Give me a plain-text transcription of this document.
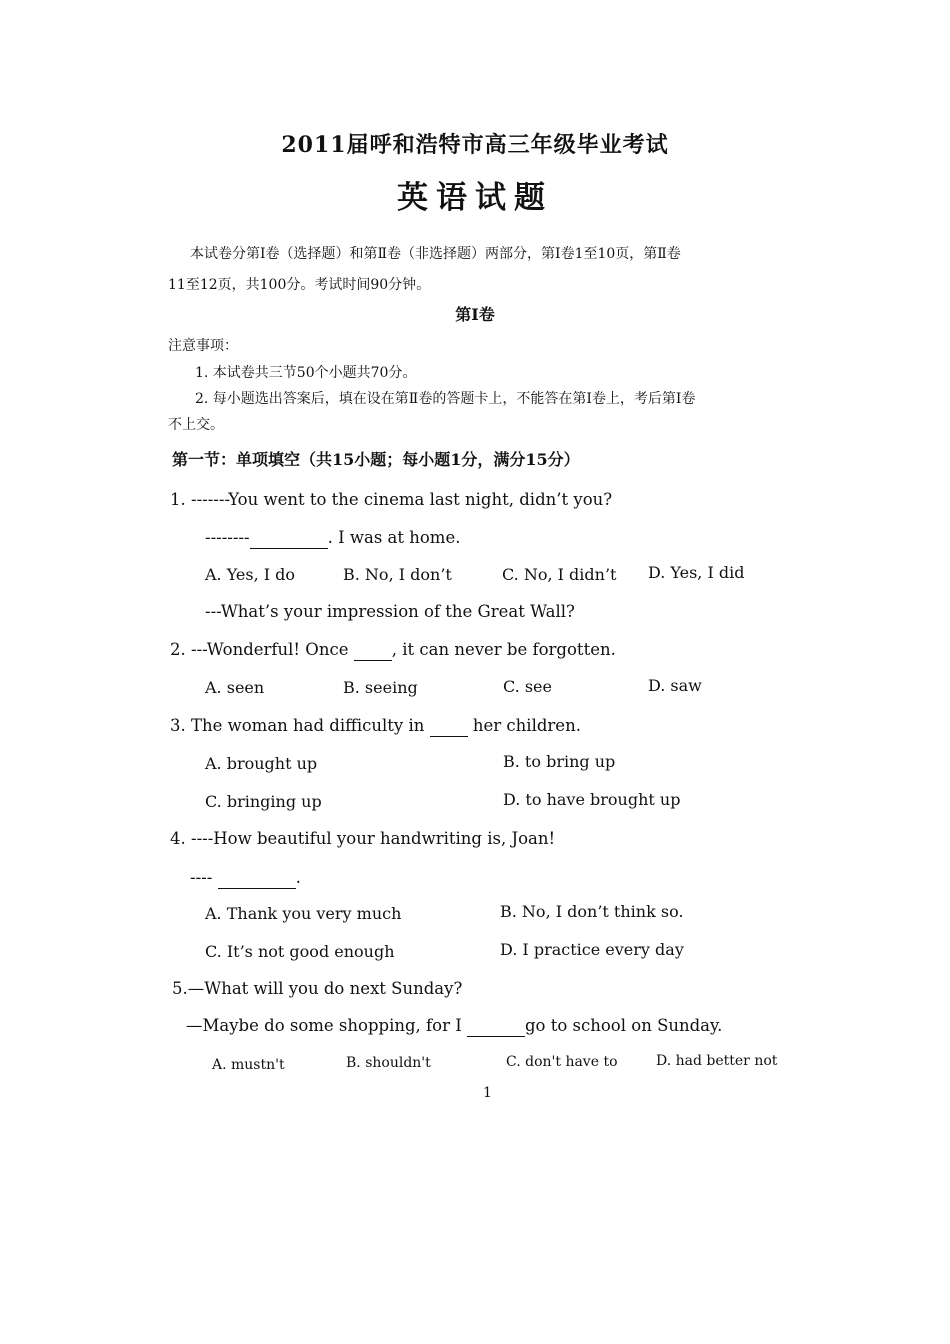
2011届呼和浩特市高三年级毕业考试
英语试题
本试卷分第Ⅰ卷（选择题）和第Ⅱ卷（非选择题）两部分，第Ⅰ卷1至10页，第Ⅱ卷
11至12页，共100分。考试时间90分钟。
第Ⅰ卷
注意事项：
1. 本试卷共三节50个小题共70分。
2. 每小题选出答案后，填在设在第Ⅱ卷的答题卡上，不能答在第Ⅰ卷上，考后第Ⅰ卷
不上交。
第一节：单项填空（共15小题；每小题1分，满分15分）
1. -------You went to the cinema last night, didn’t you?
--------	. I was at home.
A. Yes, I do	B. No, I don’t	C. No, I didn’t D. Yes, I did
---What’s your impression of the Great Wall?
2. ---Wonderful! Once	, it can never be forgotten.
A. seen	B. seeing	C. see	D. saw
3. The woman had difficulty in	her children.
A. brought up	B. to bring up
C. bringing up	D. to have brought up
4. ----How beautiful your handwriting is, Joan!
----	.
A. Thank you very much	B. No, I don’t think so.
C. It’s not good enough	D. I practice every day
5.—What will you do next Sunday?
—Maybe do some shopping, for I	go to school on Sunday.
A. mustn't	B. shouldn't	C. don't have to	D. had better not
1
